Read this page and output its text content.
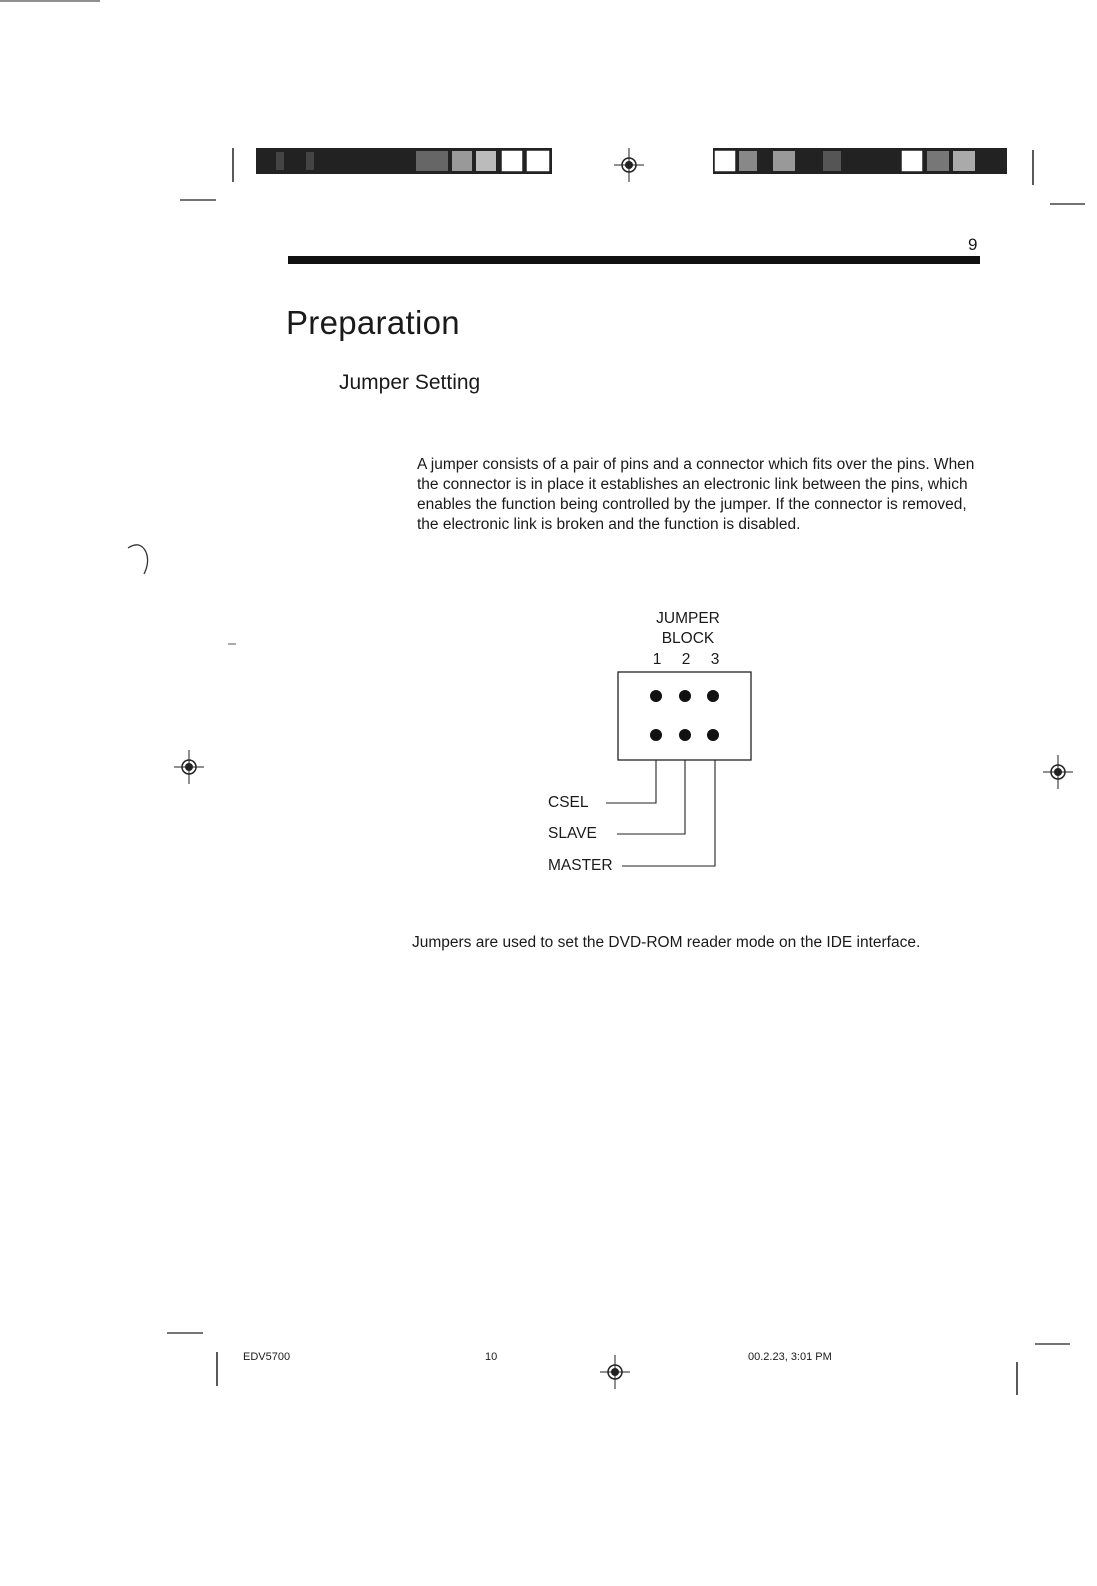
9
Preparation
Jumper Setting

A jumper consists of a pair of pins and a connector which fits over the pins. When the connector is in place it establishes an electronic link between the pins, which enables the function being controlled by the jumper. If the connector is removed, the electronic link is broken and the function is disabled.

JUMPER
BLOCK
1 2 3
CSEL
SLAVE
MASTER

Jumpers are used to set the DVD-ROM reader mode on the IDE interface.

EDV5700	10	00.2.23, 3:01 PM
